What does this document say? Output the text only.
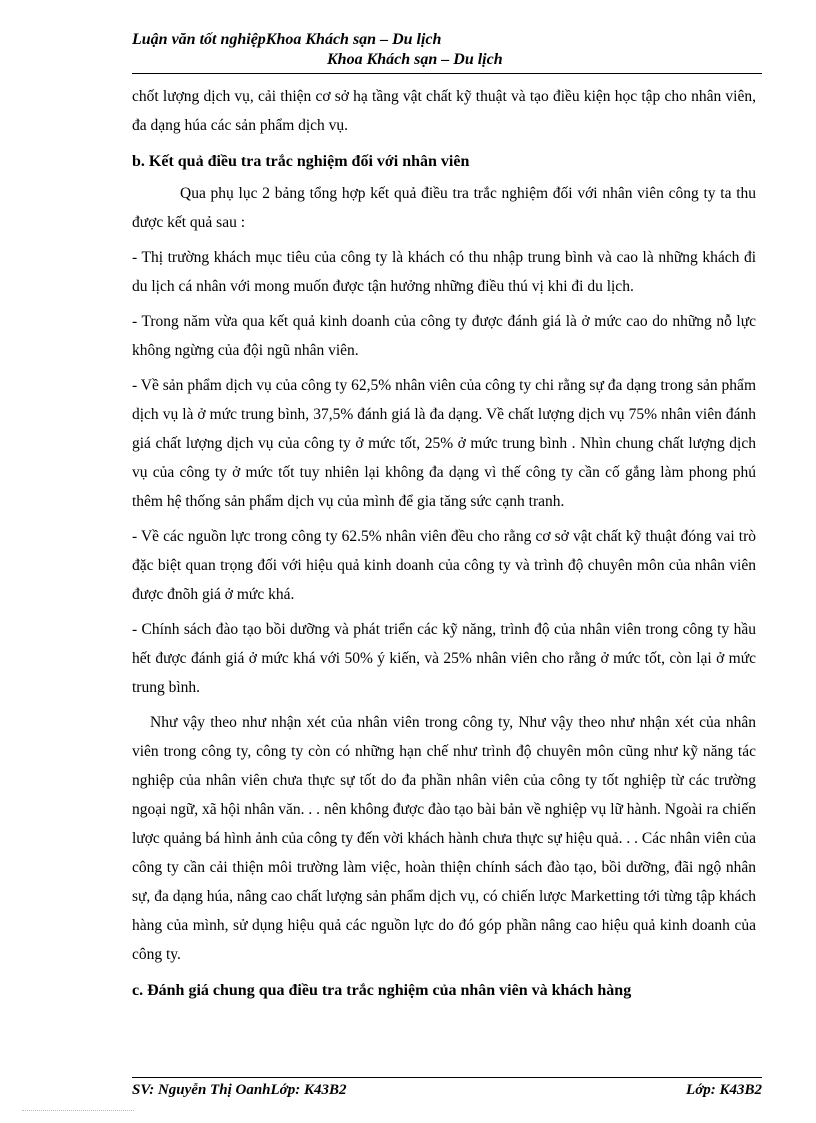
Luận văn tốt nghiệpKhoa Khách sạn – Du lịch
Khoa Khách sạn – Du lịch

chốt lượng dịch vụ, cải thiện cơ sở hạ tầng vật chất kỹ thuật và tạo điều kiện học tập cho nhân viên, đa dạng húa các sản phẩm dịch vụ.

b. Kết quả điều tra trắc nghiệm đối với nhân viên

Qua phụ lục 2 bảng tổng hợp kết quả điều tra trắc nghiệm đối với nhân viên công ty ta thu được kết quả sau :

- Thị trường khách mục tiêu của công ty là khách có thu nhập trung bình và cao là những khách đi du lịch cá nhân với mong muốn được tận hưởng những điều thú vị khi đi du lịch.

- Trong năm vừa qua kết quả kinh doanh của công ty được đánh giá là ở mức cao do những nỗ lực không ngừng của đội ngũ nhân viên.

- Về sản phẩm dịch vụ của công ty 62,5% nhân viên của công ty chi rằng sự đa dạng trong sản phẩm dịch vụ là ở mức trung bình, 37,5% đánh giá là đa dạng. Về chất lượng dịch vụ 75% nhân viên đánh giá chất lượng dịch vụ của công ty ở mức tốt, 25% ở mức trung bình . Nhìn chung chất lượng dịch vụ của công ty ở mức tốt tuy nhiên lại không đa dạng vì thế công ty cần cố gắng làm phong phú thêm hệ thống sản phẩm dịch vụ của mình để gia tăng sức cạnh tranh.

- Về các nguồn lực trong công ty 62.5% nhân viên đều cho rằng cơ sở vật chất kỹ thuật đóng vai trò đặc biệt quan trọng đối với hiệu quả kinh doanh của công ty và trình độ chuyên môn của nhân viên được đnõh giá ở mức khá.

- Chính sách đào tạo bồi dưỡng và phát triển các kỹ năng, trình độ của nhân viên trong công ty hầu hết được đánh giá ở mức khá với 50% ý kiến, và 25% nhân viên cho rằng ở mức tốt, còn lại ở mức trung bình.

Như vậy theo như nhận xét của nhân viên trong công ty, Như vậy theo như nhận xét của nhân viên trong công ty, công ty còn có những hạn chế như trình độ chuyên môn cũng như kỹ năng tác nghiệp của nhân viên chưa thực sự tốt do đa phần nhân viên của công ty tốt nghiệp từ các trường ngoại ngữ, xã hội nhân văn. . . nên không được đào tạo bài bản về nghiệp vụ lữ hành. Ngoài ra chiến lược quảng bá hình ảnh của công ty đến vời khách hành chưa thực sự hiệu quả. . . Các nhân viên của công ty cần cải thiện môi trường làm việc, hoàn thiện chính sách đào tạo, bồi dưỡng, đãi ngộ nhân sự, đa dạng húa, nâng cao chất lượng sản phẩm dịch vụ, có chiến lược Marketting tới từng tập khách hàng của mình, sử dụng hiệu quả các nguồn lực do đó góp phần nâng cao hiệu quả kinh doanh của công ty.

c. Đánh giá chung qua điều tra trắc nghiệm của nhân viên và khách hàng

SV: Nguyễn Thị OanhLớp: K43B2	Lớp: K43B2
